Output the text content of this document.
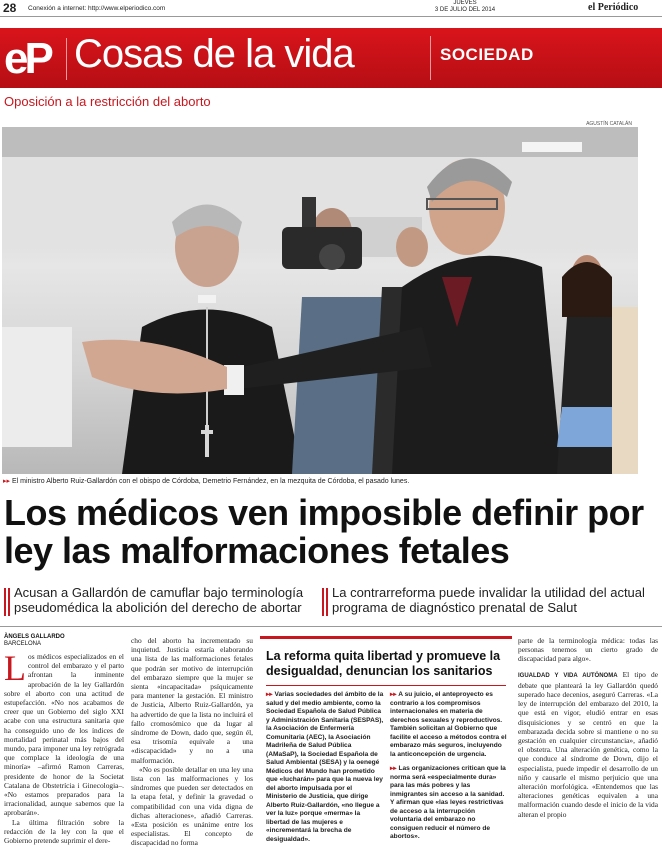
28 Conexión a internet: http://www.elperiodico.com
JUEVES
3 DE JULIO DEL 2014	el Periódico
eP Cosas de la vida	SOCIEDAD
Oposición a la restricción del aborto
AGUSTÍN CATALÁN
▸▸ El ministro Alberto Ruiz-Gallardón con el obispo de Córdoba, Demetrio Fernández, en la mezquita de Córdoba, el pasado lunes.
Los médicos ven imposible definir por ley las malformaciones fetales
Acusan a Gallardón de camuflar bajo terminología pseudomédica la abolición del derecho de abortar
La contrarreforma puede invalidar la utilidad del actual programa de diagnóstico prenatal de Salut
ÀNGELS GALLARDO
BARCELONA

Los médicos especializados en el control del embarazo y el parto afrontan la inminente aprobación de la ley Gallardón sobre el aborto con una actitud de estupefacción. «No nos acabamos de creer que un Gobierno del siglo XXI acabe con una estructura sanitaria que ha conseguido uno de los índices de mortalidad perinatal más bajos del mundo, para imponer una ley retrógrada que complace la ideología de una minoría» –afirmó Ramon Carreras, presidente de honor de la Societat Catalana de Obstetrícia i Ginecologia–. «No estamos preparados para la irracionalidad, aunque sabemos que la aprobarán».

La última filtración sobre la redacción de la ley con la que el Gobierno pretende suprimir el dere-

cho del aborto ha incrementado su inquietud. Justicia estaría elaborando una lista de las malformaciones fetales que podrán ser motivo de interrupción del embarazo siempre que la mujer se sienta «incapacitada» psíquicamente para mantener la gestación. El ministro de Justicia, Alberto Ruiz-Gallardón, ya ha advertido de que la lista no incluirá el fallo cromosómico que da lugar al síndrome de Down, dado que, según él, esa trisomía equivale a una «discapacidad» y no a una malformación.

«No es posible detallar en una ley una lista con las malformaciones y los síndromes que pueden ser detectados en la etapa fetal, y definir la gravedad o compatibilidad con una vida digna de dichas alteraciones», añadió Carreras. «Esta posición es unánime entre los especialistas. El concepto de discapacidad no forma

La reforma quita libertad y promueve la desigualdad, denuncian los sanitarios

▸▸ Varias sociedades del ámbito de la salud y del medio ambiente, como la Sociedad Española de Salud Pública y Administración Sanitaria (SESPAS), la Asociación de Enfermería Comunitaria (AEC), la Asociación Madrileña de Salud Pública (AMaSaP), la Sociedad Española de Salud Ambiental (SESA) y la oenegé Médicos del Mundo han prometido que «lucharán» para que la nueva ley del aborto impulsada por el Ministerio de Justicia, que dirige Alberto Ruiz-Gallardón, «no llegue a ver la luz» porque «merma» la libertad de las mujeres e «incrementará la brecha de desigualdad».

▸▸ A su juicio, el anteproyecto es contrario a los compromisos internacionales en materia de derechos sexuales y reproductivos. También solicitan al Gobierno que facilite el acceso a métodos contra el embarazo más seguros, incluyendo la anticoncepción de urgencia.

▸▸ Las organizaciones critican que la norma será «especialmente dura» para las más pobres y las inmigrantes sin acceso a la sanidad. Y afirman que «las leyes restrictivas de acceso a la interrupción voluntaria del embarazo no consiguen reducir el número de abortos».

parte de la terminología médica: todas las personas tenemos un cierto grado de discapacidad para algo».

IGUALDAD Y VIDA AUTÓNOMA El tipo de debate que planteará la ley Gallardón quedó superado hace decenios, aseguró Carreras. «La ley de interrupción del embarazo del 2010, la que está en vigor, eludió entrar en esas disquisiciones y se centró en que la embarazada decida sobre si mantiene o no su gestación en cualquier circunstancia», añadió el obstetra. Una alteración genética, como la que conduce al síndrome de Down, dijo el especialista, puede impedir el desarrollo de un niño y causarle el mismo perjuicio que una alteración morfológica. «Entendemos que las alteraciones genéticas equivalen a una malformación cuando desde el inicio de la vida alteran el propio
